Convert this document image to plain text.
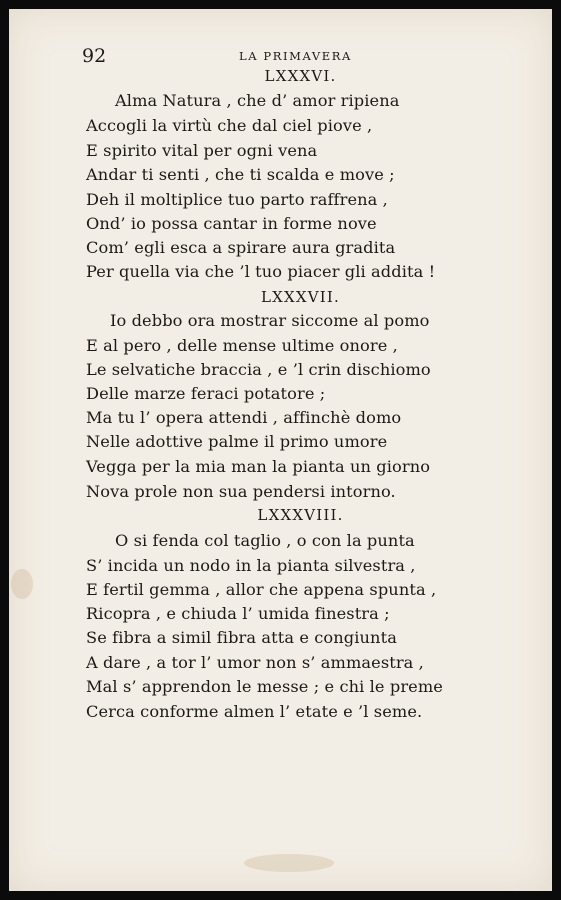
92	LA PRIMAVERA
LXXXVI.
Alma Natura , che d’ amor ripiena
Accogli la virtù che dal ciel piove ,
E spirito vital per ogni vena
Andar ti senti , che ti scalda e move ;
Deh il moltiplice tuo parto raffrena ,
Ond’ io possa cantar in forme nove
Com’ egli esca a spirare aura gradita
Per quella via che ’l tuo piacer gli addita !
LXXXVII.
Io debbo ora mostrar siccome al pomo
E al pero , delle mense ultime onore ,
Le selvatiche braccia , e ’l crin dischiomo
Delle marze feraci potatore ;
Ma tu l’ opera attendi , affinchè domo
Nelle adottive palme il primo umore
Vegga per la mia man la pianta un giorno
Nova prole non sua pendersi intorno.
LXXXVIII.
O si fenda col taglio , o con la punta
S’ incida un nodo in la pianta silvestra ,
E fertil gemma , allor che appena spunta ,
Ricopra , e chiuda l’ umida finestra ;
Se fibra a simil fibra atta e congiunta
A dare , a tor l’ umor non s’ ammaestra ,
Mal s’ apprendon le messe ; e chi le preme
Cerca conforme almen l’ etate e ’l seme.
